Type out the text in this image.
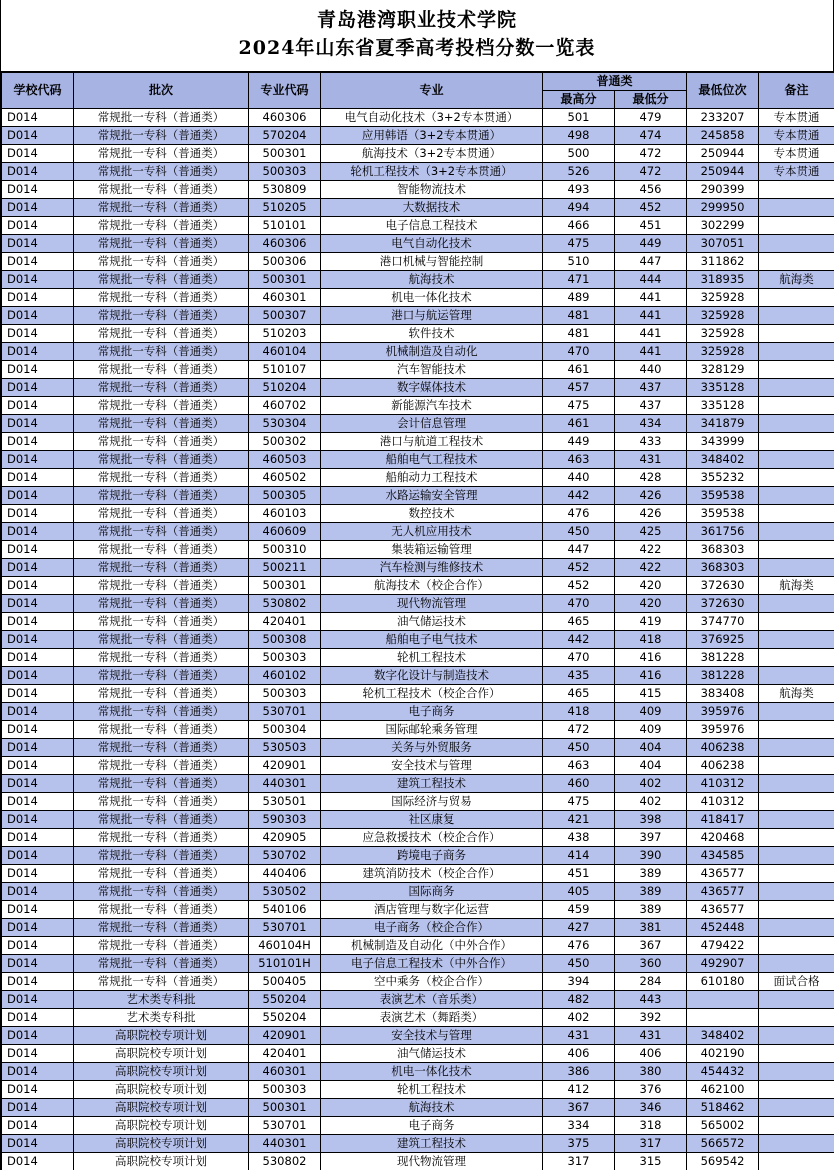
青岛港湾职业技术学院
2024年山东省夏季高考投档分数一览表
学校代码	批次	专业代码	专业	普通类		最低位次	备注
				最高分	最低分		
D014	常规批一专科（普通类）	460306	电气自动化技术（3+2专本贯通）	501	479	233207	专本贯通
D014	常规批一专科（普通类）	570204	应用韩语（3+2专本贯通）	498	474	245858	专本贯通
D014	常规批一专科（普通类）	500301	航海技术（3+2专本贯通）	500	472	250944	专本贯通
D014	常规批一专科（普通类）	500303	轮机工程技术（3+2专本贯通）	526	472	250944	专本贯通
D014	常规批一专科（普通类）	530809	智能物流技术	493	456	290399	
D014	常规批一专科（普通类）	510205	大数据技术	494	452	299950	
D014	常规批一专科（普通类）	510101	电子信息工程技术	466	451	302299	
D014	常规批一专科（普通类）	460306	电气自动化技术	475	449	307051	
D014	常规批一专科（普通类）	500306	港口机械与智能控制	510	447	311862	
D014	常规批一专科（普通类）	500301	航海技术	471	444	318935	航海类
D014	常规批一专科（普通类）	460301	机电一体化技术	489	441	325928	
D014	常规批一专科（普通类）	500307	港口与航运管理	481	441	325928	
D014	常规批一专科（普通类）	510203	软件技术	481	441	325928	
D014	常规批一专科（普通类）	460104	机械制造及自动化	470	441	325928	
D014	常规批一专科（普通类）	510107	汽车智能技术	461	440	328129	
D014	常规批一专科（普通类）	510204	数字媒体技术	457	437	335128	
D014	常规批一专科（普通类）	460702	新能源汽车技术	475	437	335128	
D014	常规批一专科（普通类）	530304	会计信息管理	461	434	341879	
D014	常规批一专科（普通类）	500302	港口与航道工程技术	449	433	343999	
D014	常规批一专科（普通类）	460503	船舶电气工程技术	463	431	348402	
D014	常规批一专科（普通类）	460502	船舶动力工程技术	440	428	355232	
D014	常规批一专科（普通类）	500305	水路运输安全管理	442	426	359538	
D014	常规批一专科（普通类）	460103	数控技术	476	426	359538	
D014	常规批一专科（普通类）	460609	无人机应用技术	450	425	361756	
D014	常规批一专科（普通类）	500310	集装箱运输管理	447	422	368303	
D014	常规批一专科（普通类）	500211	汽车检测与维修技术	452	422	368303	
D014	常规批一专科（普通类）	500301	航海技术（校企合作）	452	420	372630	航海类
D014	常规批一专科（普通类）	530802	现代物流管理	470	420	372630	
D014	常规批一专科（普通类）	420401	油气储运技术	465	419	374770	
D014	常规批一专科（普通类）	500308	船舶电子电气技术	442	418	376925	
D014	常规批一专科（普通类）	500303	轮机工程技术	470	416	381228	
D014	常规批一专科（普通类）	460102	数字化设计与制造技术	435	416	381228	
D014	常规批一专科（普通类）	500303	轮机工程技术（校企合作）	465	415	383408	航海类
D014	常规批一专科（普通类）	530701	电子商务	418	409	395976	
D014	常规批一专科（普通类）	500304	国际邮轮乘务管理	472	409	395976	
D014	常规批一专科（普通类）	530503	关务与外贸服务	450	404	406238	
D014	常规批一专科（普通类）	420901	安全技术与管理	463	404	406238	
D014	常规批一专科（普通类）	440301	建筑工程技术	460	402	410312	
D014	常规批一专科（普通类）	530501	国际经济与贸易	475	402	410312	
D014	常规批一专科（普通类）	590303	社区康复	421	398	418417	
D014	常规批一专科（普通类）	420905	应急救援技术（校企合作）	438	397	420468	
D014	常规批一专科（普通类）	530702	跨境电子商务	414	390	434585	
D014	常规批一专科（普通类）	440406	建筑消防技术（校企合作）	451	389	436577	
D014	常规批一专科（普通类）	530502	国际商务	405	389	436577	
D014	常规批一专科（普通类）	540106	酒店管理与数字化运营	459	389	436577	
D014	常规批一专科（普通类）	530701	电子商务（校企合作）	427	381	452448	
D014	常规批一专科（普通类）	460104H	机械制造及自动化（中外合作）	476	367	479422	
D014	常规批一专科（普通类）	510101H	电子信息工程技术（中外合作）	450	360	492907	
D014	常规批一专科（普通类）	500405	空中乘务（校企合作）	394	284	610180	面试合格
D014	艺术类专科批	550204	表演艺术（音乐类）	482	443		
D014	艺术类专科批	550204	表演艺术（舞蹈类）	402	392		
D014	高职院校专项计划	420901	安全技术与管理	431	431	348402	
D014	高职院校专项计划	420401	油气储运技术	406	406	402190	
D014	高职院校专项计划	460301	机电一体化技术	386	380	454432	
D014	高职院校专项计划	500303	轮机工程技术	412	376	462100	
D014	高职院校专项计划	500301	航海技术	367	346	518462	
D014	高职院校专项计划	530701	电子商务	334	318	565002	
D014	高职院校专项计划	440301	建筑工程技术	375	317	566572	
D014	高职院校专项计划	530802	现代物流管理	317	315	569542	
